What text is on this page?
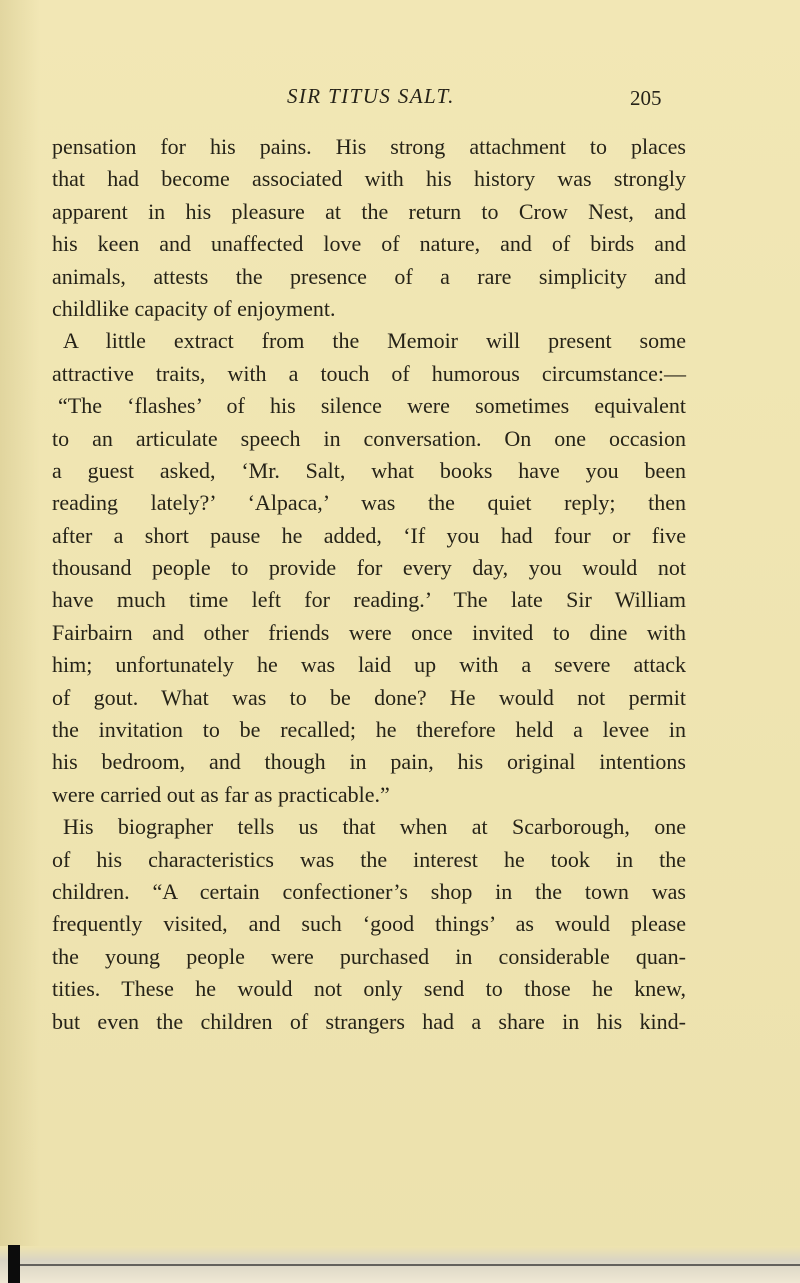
SIR TITUS SALT.	205
pensation for his pains. His strong attachment to places
that had become associated with his history was strongly
apparent in his pleasure at the return to Crow Nest, and
his keen and unaffected love of nature, and of birds and
animals, attests the presence of a rare simplicity and
childlike capacity of enjoyment.
A little extract from the Memoir will present some
attractive traits, with a touch of humorous circumstance:—
“The ‘flashes’ of his silence were sometimes equivalent
to an articulate speech in conversation. On one occasion
a guest asked, ‘Mr. Salt, what books have you been
reading lately?’ ‘Alpaca,’ was the quiet reply; then
after a short pause he added, ‘If you had four or five
thousand people to provide for every day, you would not
have much time left for reading.’ The late Sir William
Fairbairn and other friends were once invited to dine with
him; unfortunately he was laid up with a severe attack
of gout. What was to be done? He would not permit
the invitation to be recalled; he therefore held a levee in
his bedroom, and though in pain, his original intentions
were carried out as far as practicable.”
His biographer tells us that when at Scarborough, one
of his characteristics was the interest he took in the
children. “A certain confectioner’s shop in the town was
frequently visited, and such ‘good things’ as would please
the young people were purchased in considerable quan-
tities. These he would not only send to those he knew,
but even the children of strangers had a share in his kind-
